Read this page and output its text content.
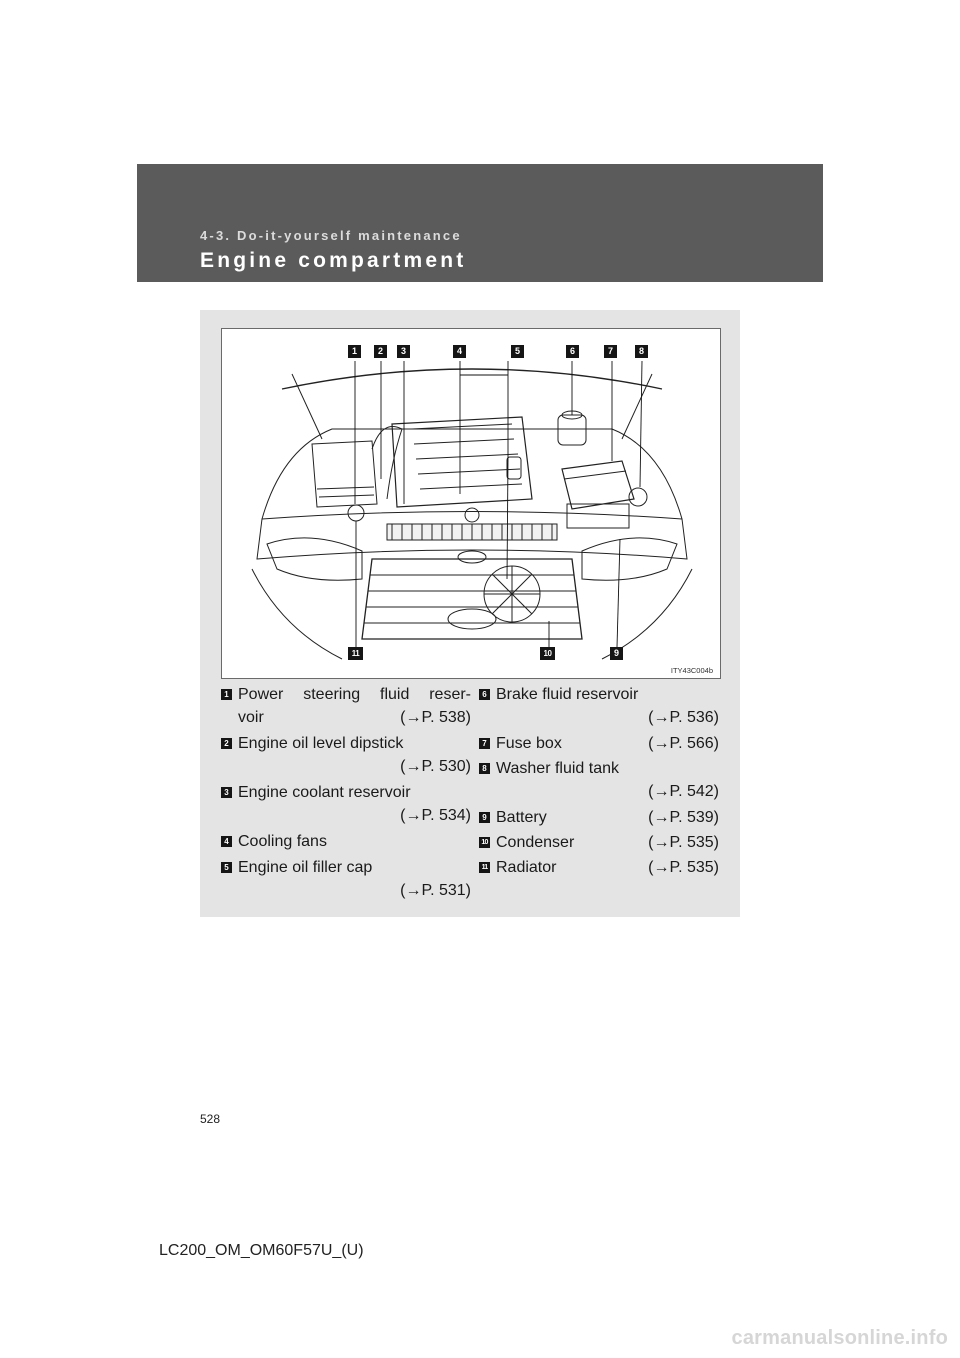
4-3. Do-it-yourself maintenance

Engine compartment

1	2	3	4	5	6	7	8
9
10
11
ITY43C004b
1 Power steering fluid reser-
voir	(→P. 538)
2 Engine oil level dipstick
(→P. 530)
3 Engine coolant reservoir
(→P. 534)
4 Cooling fans
5 Engine oil filler cap
(→P. 531)
6 Brake fluid reservoir
(→P. 536)
7 Fuse box	(→P. 566)
8 Washer fluid tank
(→P. 542)
9 Battery	(→P. 539)
10 Condenser	(→P. 535)
11 Radiator	(→P. 535)
528
LC200_OM_OM60F57U_(U)
carmanualsonline.info
